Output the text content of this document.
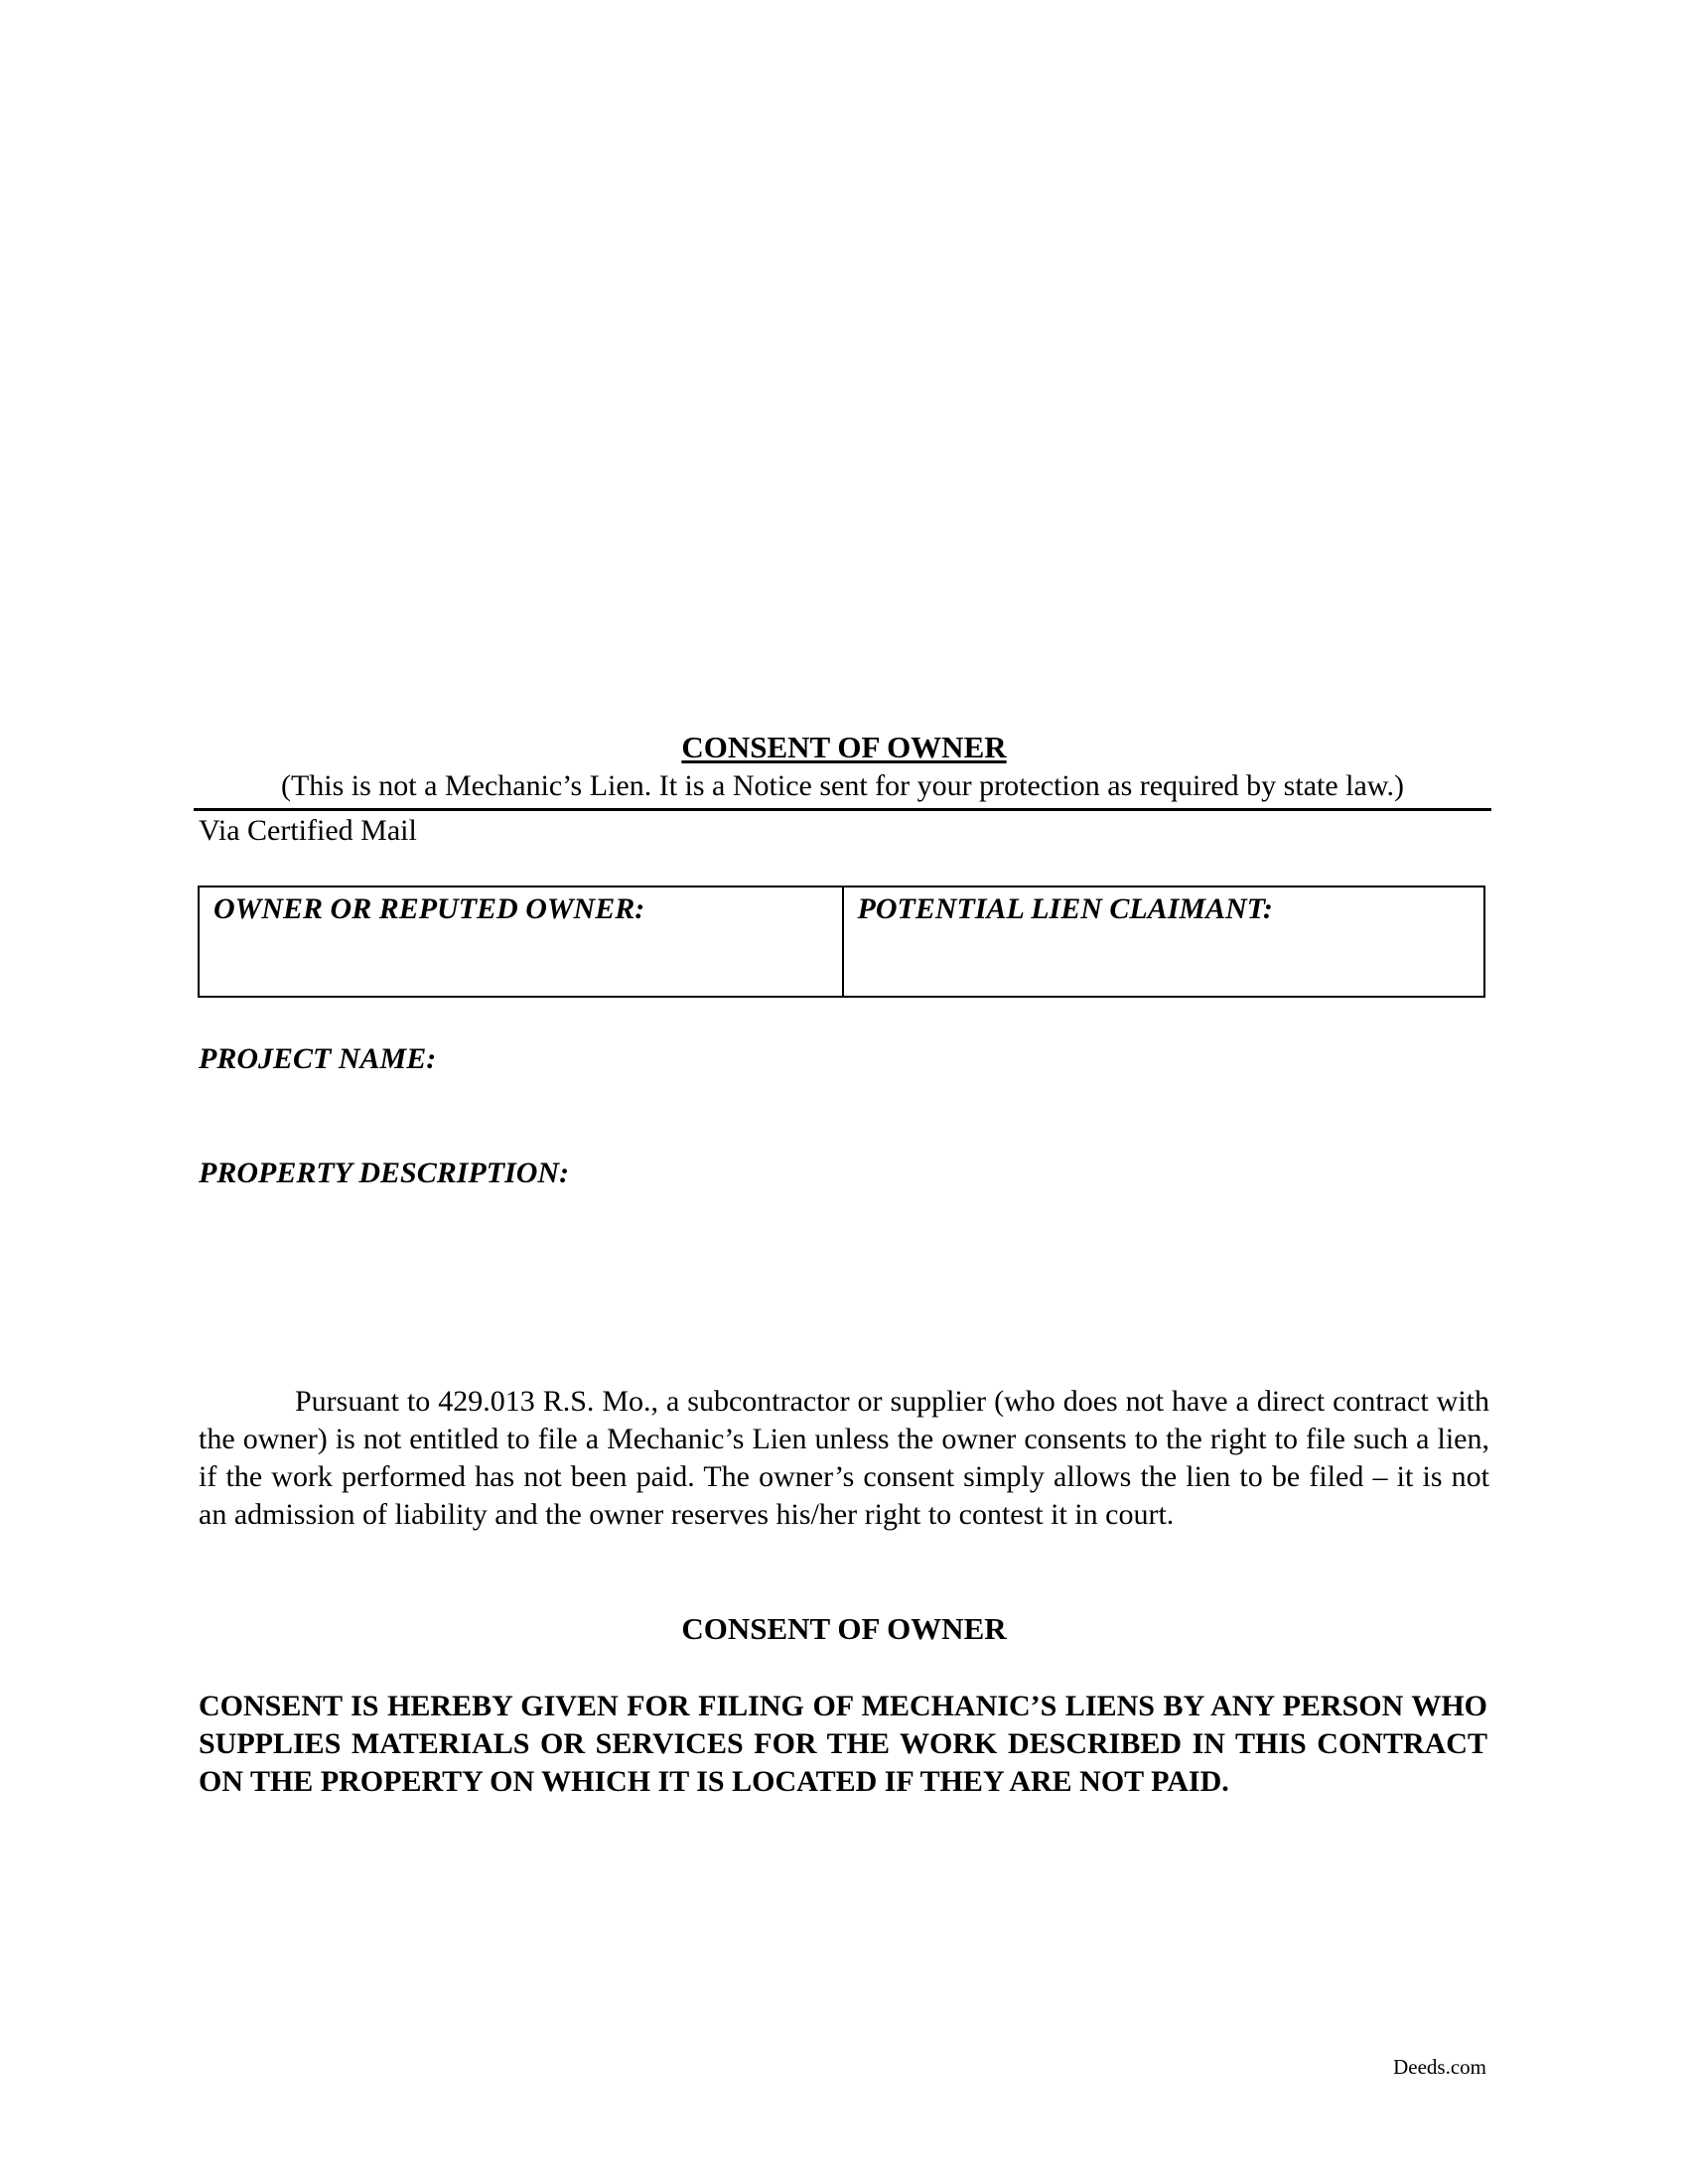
CONSENT OF OWNER
(This is not a Mechanic’s Lien. It is a Notice sent for your protection as required by state law.)
Via Certified Mail
OWNER OR REPUTED OWNER:	POTENTIAL LIEN CLAIMANT:
PROJECT NAME:
PROPERTY DESCRIPTION:
Pursuant to 429.013 R.S. Mo., a subcontractor or supplier (who does not have a direct contract with the owner) is not entitled to file a Mechanic’s Lien unless the owner consents to the right to file such a lien, if the work performed has not been paid. The owner’s consent simply allows the lien to be filed – it is not an admission of liability and the owner reserves his/her right to contest it in court.
CONSENT OF OWNER
CONSENT IS HEREBY GIVEN FOR FILING OF MECHANIC’S LIENS BY ANY PERSON WHO SUPPLIES MATERIALS OR SERVICES FOR THE WORK DESCRIBED IN THIS CONTRACT ON THE PROPERTY ON WHICH IT IS LOCATED IF THEY ARE NOT PAID.
Deeds.com
